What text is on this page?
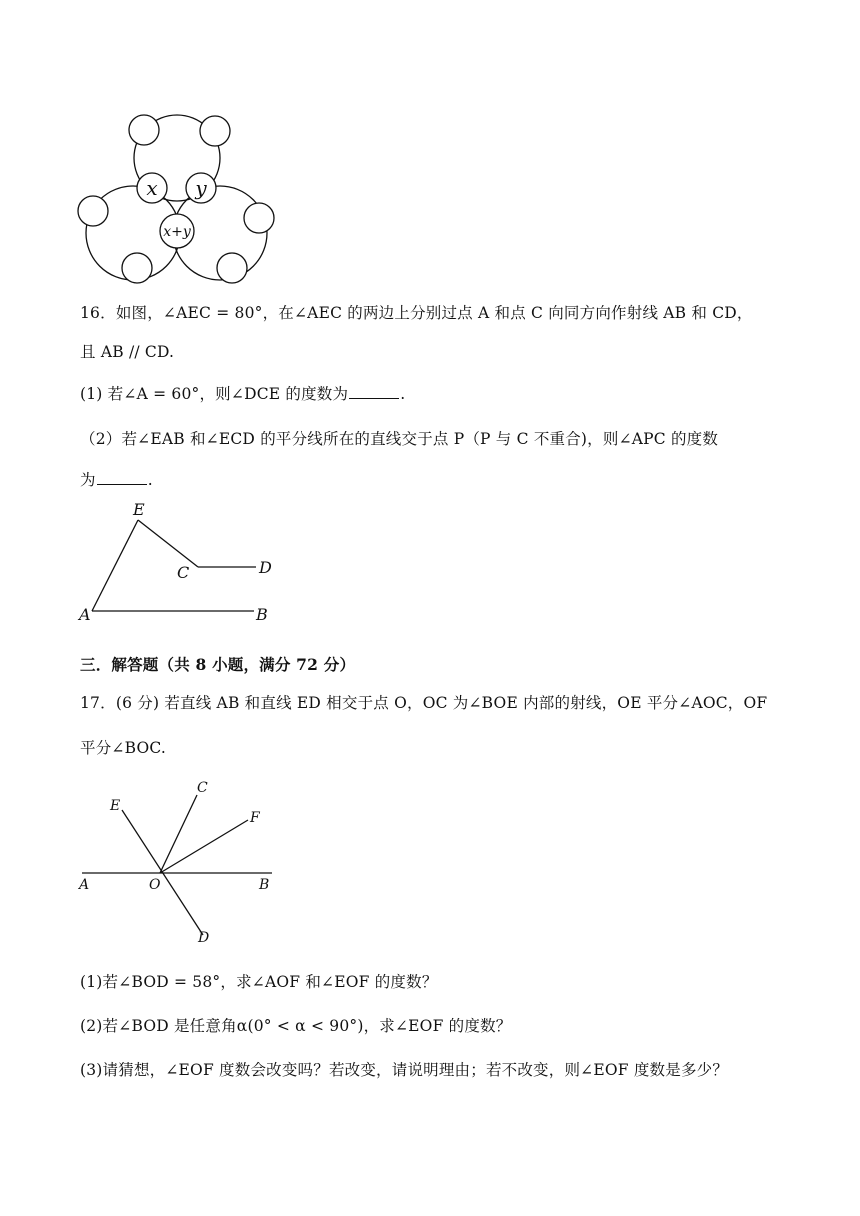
x y
x+y
16．如图，∠AEC = 80°，在∠AEC 的两边上分别过点 A 和点 C 向同方向作射线 AB 和 CD，
且 AB // CD.
(1) 若∠A = 60°，则∠DCE 的度数为	.
（2）若∠EAB 和∠ECD 的平分线所在的直线交于点 P（P 与 C 不重合)，则∠APC 的度数
为	.
E
C	D
A	B
三．解答题（共 8 小题，满分 72 分）
17．(6 分) 若直线 AB 和直线 ED 相交于点 O，OC 为∠BOE 内部的射线，OE 平分∠AOC，OF
平分∠BOC.
E
C
F
A	O	B
D
(1)若∠BOD = 58°，求∠AOF 和∠EOF 的度数？
(2)若∠BOD 是任意角α(0° < α < 90°)，求∠EOF 的度数？
(3)请猜想，∠EOF 度数会改变吗？若改变，请说明理由；若不改变，则∠EOF 度数是多少？
